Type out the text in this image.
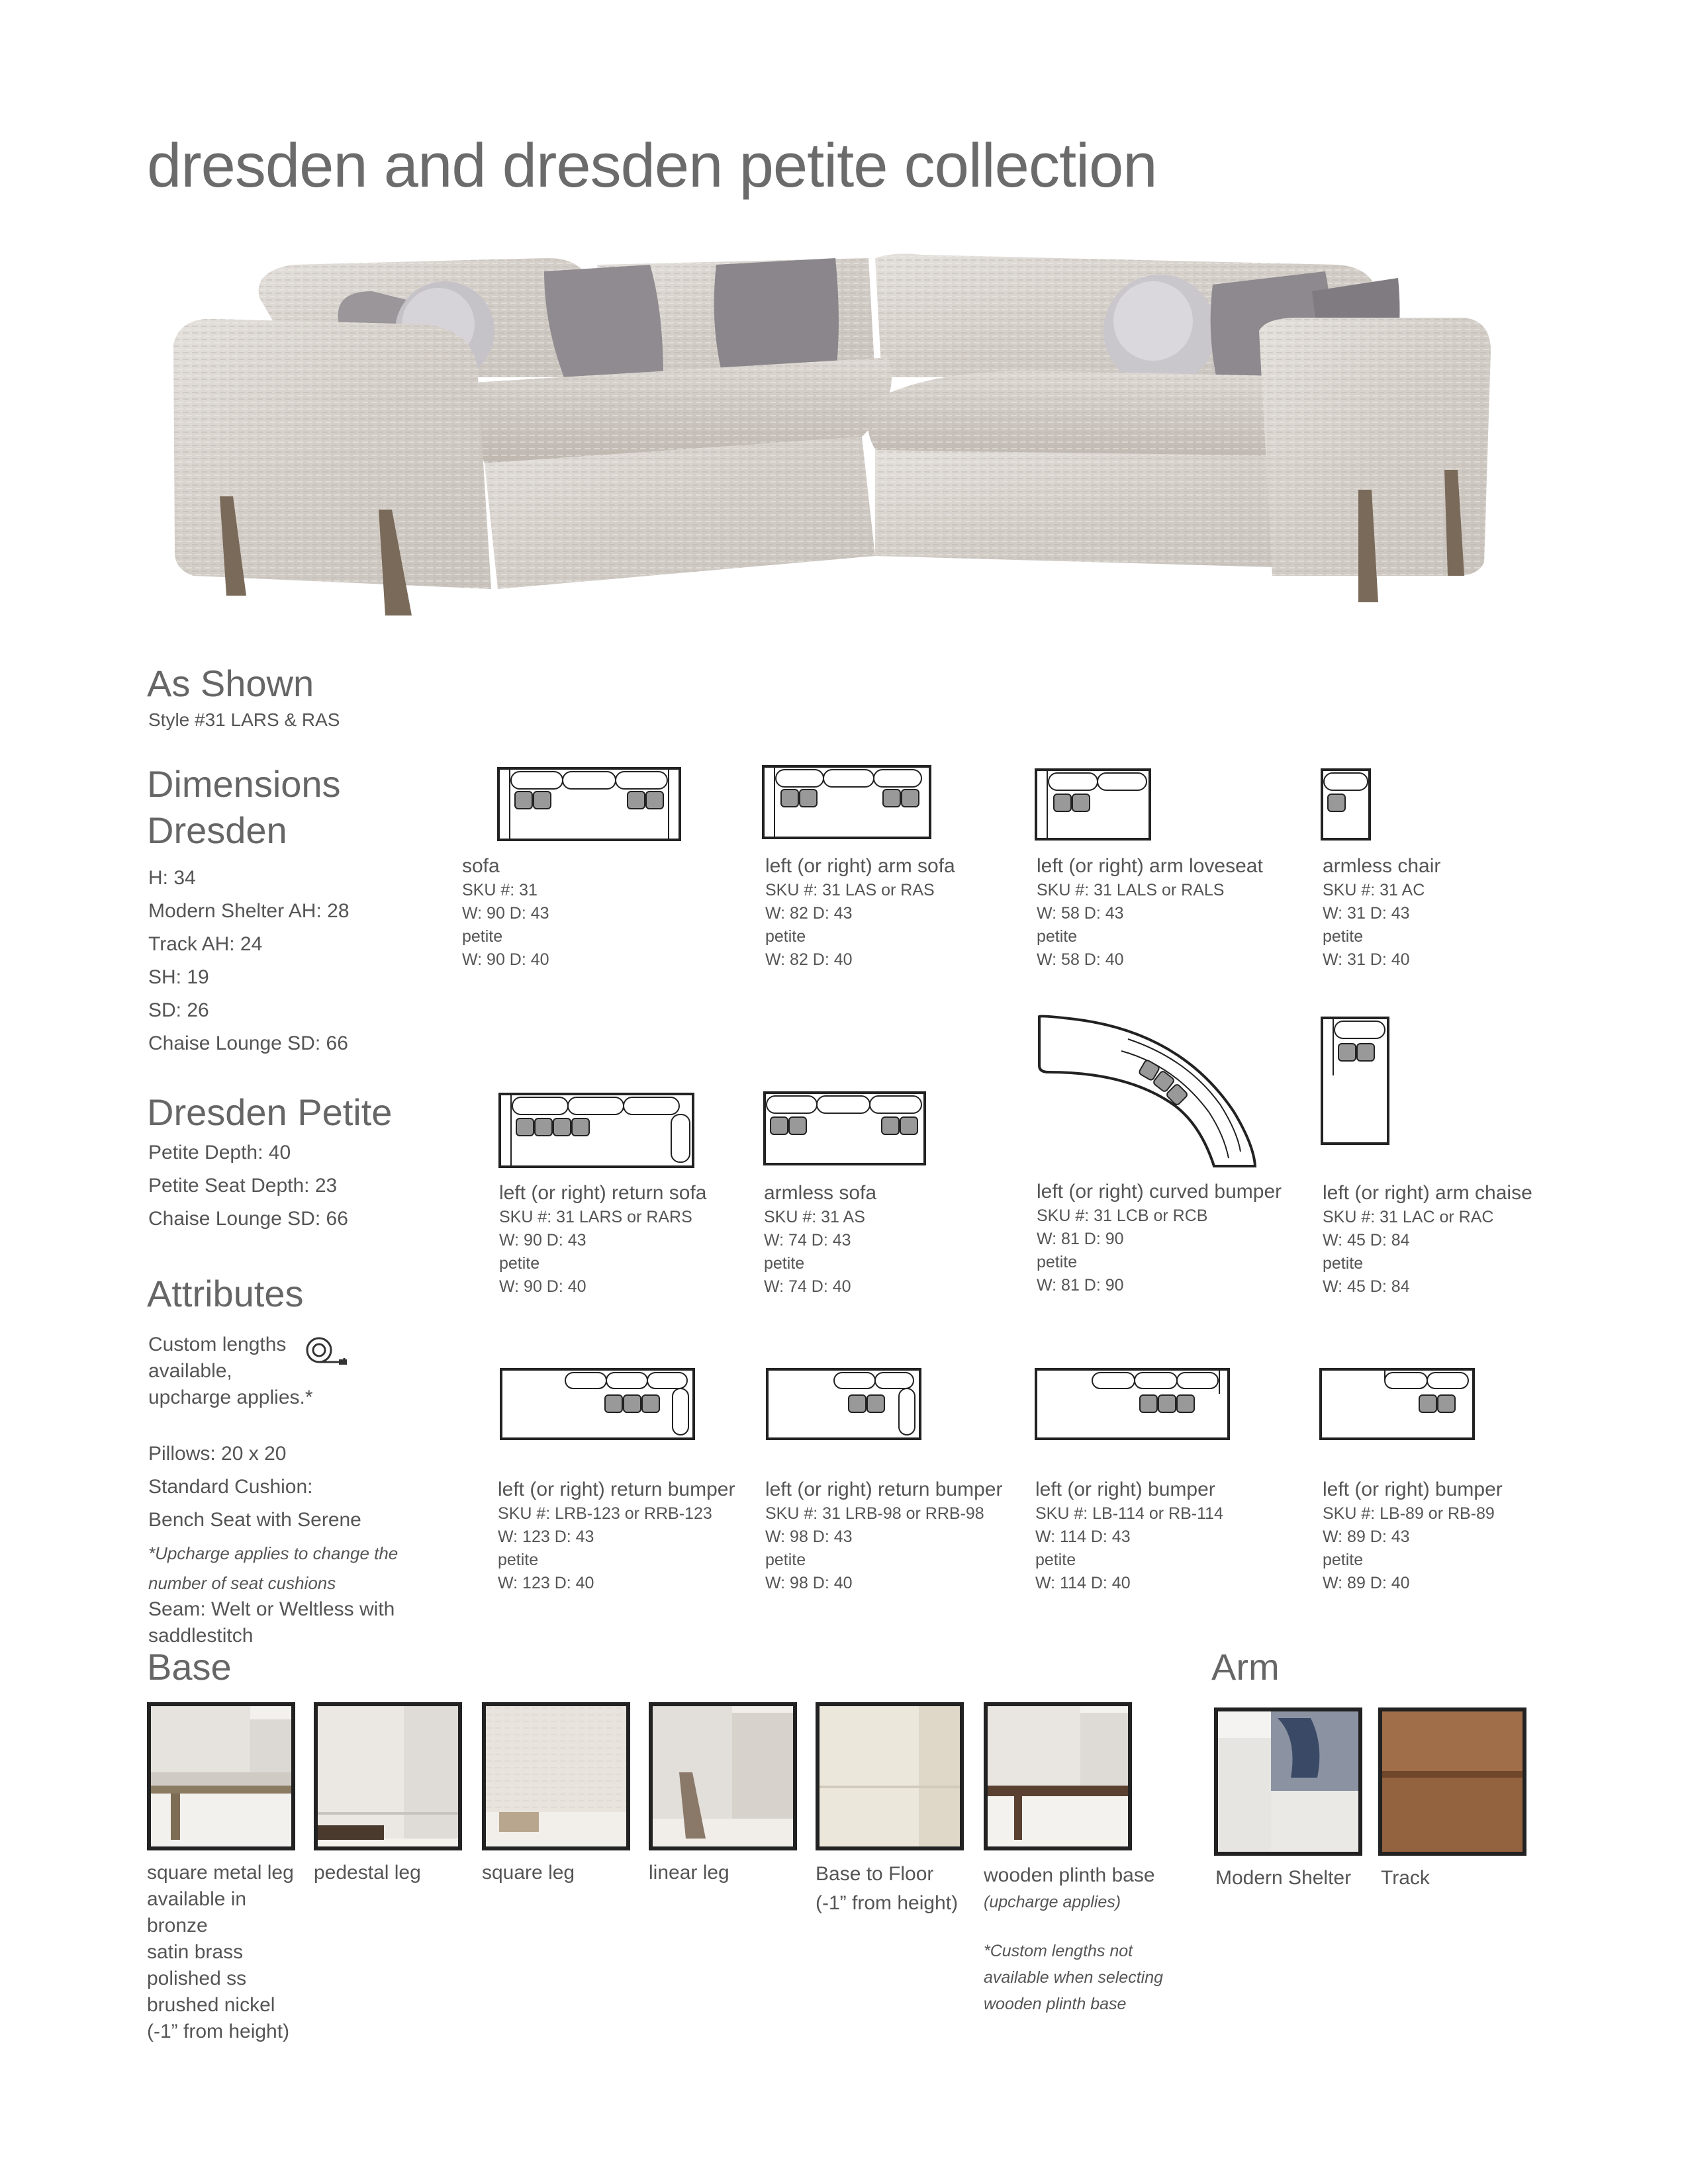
dresden and dresden petite collection
As Shown
Style #31 LARS & RAS
Dimensions
Dresden
H: 34
Modern Shelter AH: 28
Track AH: 24
SH: 19
SD: 26
Chaise Lounge SD: 66
Dresden Petite
Petite Depth: 40
Petite Seat Depth: 23
Chaise Lounge SD: 66
Attributes
Custom lengths
available,
upcharge applies.*
Pillows: 20 x 20
Standard Cushion:
Bench Seat with Serene
*Upcharge applies to change the
number of seat cushions
Seam: Welt or Weltless with
saddlestitch
sofa
SKU #: 31
W: 90 D: 43
petite
W: 90 D: 40
left (or right) arm sofa
SKU #: 31 LAS or RAS
W: 82 D: 43
petite
W: 82 D: 40
left (or right) arm loveseat
SKU #: 31 LALS or RALS
W: 58 D: 43
petite
W: 58 D: 40
armless chair
SKU #: 31 AC
W: 31 D: 43
petite
W: 31 D: 40
left (or right) return sofa
SKU #: 31 LARS or RARS
W: 90 D: 43
petite
W: 90 D: 40
armless sofa
SKU #: 31 AS
W: 74 D: 43
petite
W: 74 D: 40
left (or right) curved bumper
SKU #: 31 LCB or RCB
W: 81 D: 90
petite
W: 81 D: 90
left (or right) arm chaise
SKU #: 31 LAC or RAC
W: 45 D: 84
petite
W: 45 D: 84
left (or right) return bumper
SKU #: LRB-123 or RRB-123
W: 123 D: 43
petite
W: 123 D: 40
left (or right) return bumper
SKU #: 31 LRB-98 or RRB-98
W: 98 D: 43
petite
W: 98 D: 40
left (or right) bumper
SKU #: LB-114 or RB-114
W: 114 D: 43
petite
W: 114 D: 40
left (or right) bumper
SKU #: LB-89 or RB-89
W: 89 D: 43
petite
W: 89 D: 40
Base	Arm
square metal leg
available in
bronze
satin brass
polished ss
brushed nickel
(-1” from height)
pedestal leg	square leg	linear leg	Base to Floor
(-1” from height)
wooden plinth base
(upcharge applies)
*Custom lengths not
available when selecting
wooden plinth base
Modern Shelter Track
